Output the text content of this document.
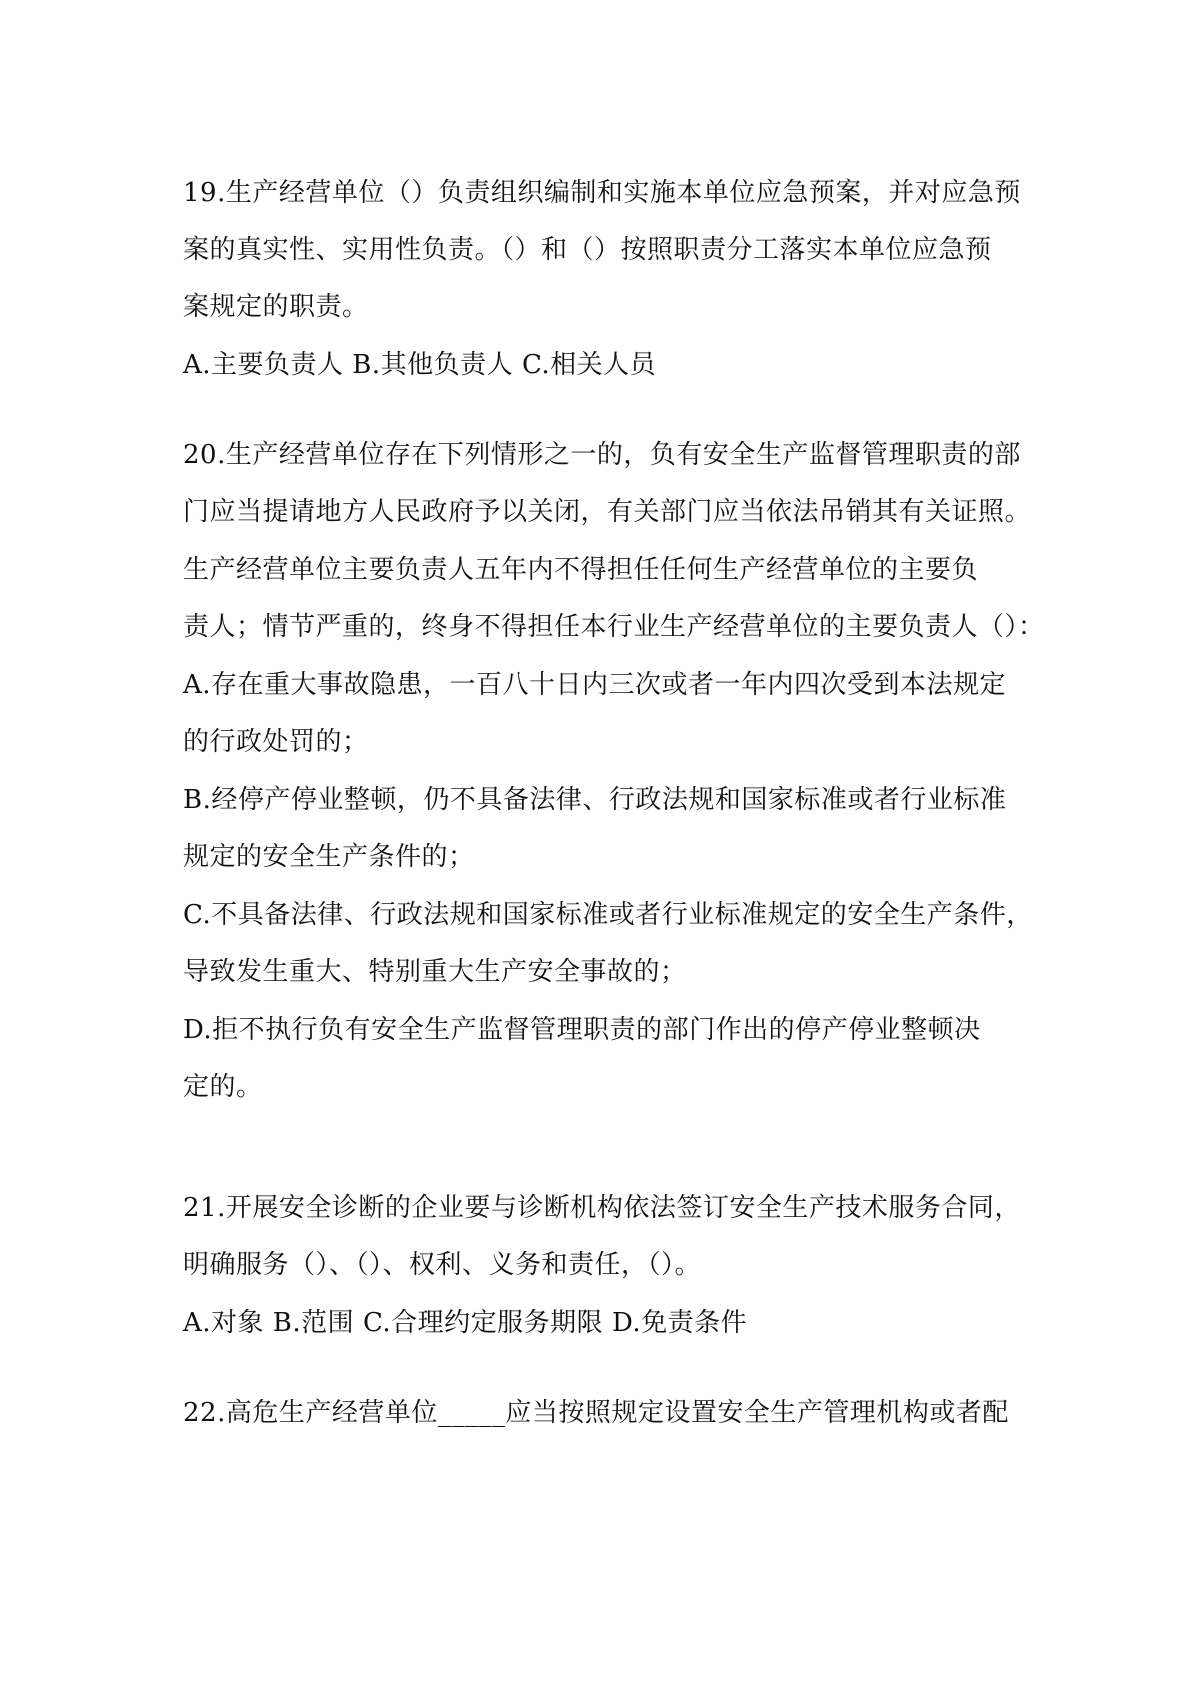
19.生产经营单位（）负责组织编制和实施本单位应急预案，并对应急预

案的真实性、实用性负责。（）和（）按照职责分工落实本单位应急预

案规定的职责。

A.主要负责人 B.其他负责人 C.相关人员

20.生产经营单位存在下列情形之一的，负有安全生产监督管理职责的部

门应当提请地方人民政府予以关闭，有关部门应当依法吊销其有关证照。

生产经营单位主要负责人五年内不得担任任何生产经营单位的主要负

责人；情节严重的，终身不得担任本行业生产经营单位的主要负责人（）：

A.存在重大事故隐患，一百八十日内三次或者一年内四次受到本法规定

的行政处罚的；

B.经停产停业整顿，仍不具备法律、行政法规和国家标准或者行业标准

规定的安全生产条件的；

C.不具备法律、行政法规和国家标准或者行业标准规定的安全生产条件，

导致发生重大、特别重大生产安全事故的；

D.拒不执行负有安全生产监督管理职责的部门作出的停产停业整顿决

定的。

21.开展安全诊断的企业要与诊断机构依法签订安全生产技术服务合同，

明确服务（）、（）、权利、义务和责任，（）。

A.对象 B.范围 C.合理约定服务期限 D.免责条件

22.高危生产经营单位_____应当按照规定设置安全生产管理机构或者配
